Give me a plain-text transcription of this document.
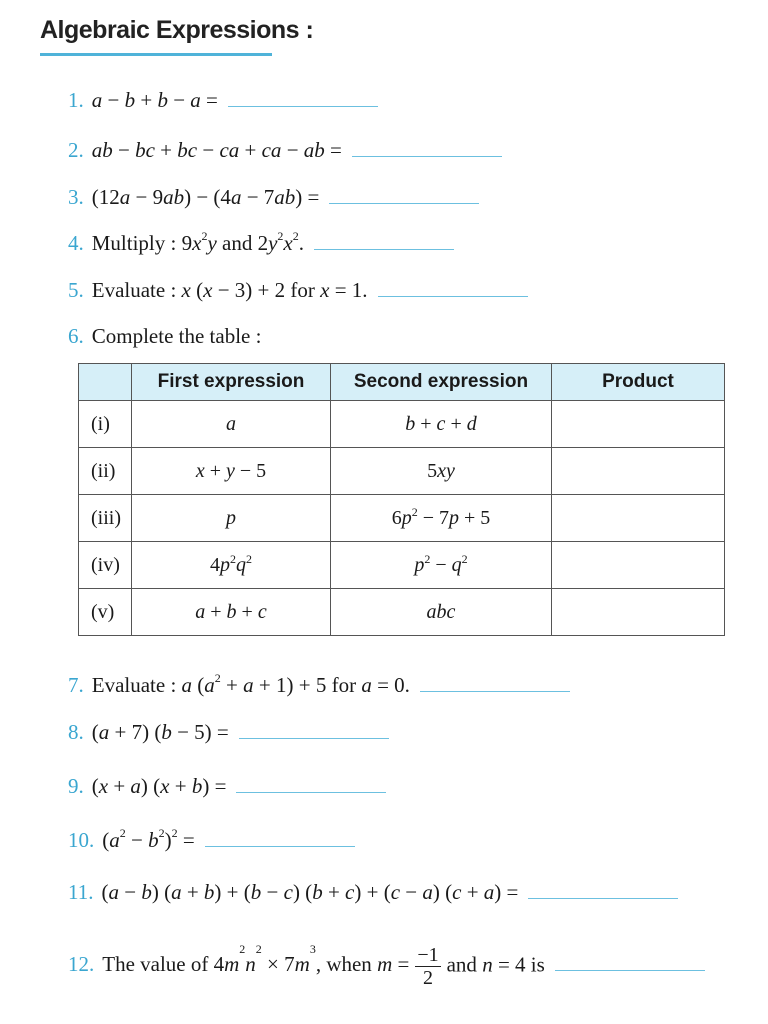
Algebraic Expressions :
1. a − b + b − a =
2. ab − bc + bc − ca + ca − ab =
3. (12a − 9ab) − (4a − 7ab) =
4. Multiply : $9x^2y$ and $2y^2x^2$.
5. Evaluate : x (x − 3) + 2 for x = 1.
6. Complete the table :
	First expression	Second expression	Product
(i)	a	b + c + d	
(ii)	x + y − 5	5xy	
(iii)	p	$6p^2 - 7p + 5$	
(iv)	$4p^2q^2$	$p^2 - q^2$	
(v)	a + b + c	abc	
7. Evaluate : a $(a^2 + a + 1) + 5$ for a = 0.
8. (a + 7) (b − 5) =
9. (x + a) (x + b) =
10. $(a^2 - b^2)^2$ =
11. (a − b) (a + b) + (b − c) (b + c) + (c − a) (c + a) =
12. The value of $4m^2n^2 \times 7m^3$, when $m = \frac{-1}{2}$ and n = 4 is
